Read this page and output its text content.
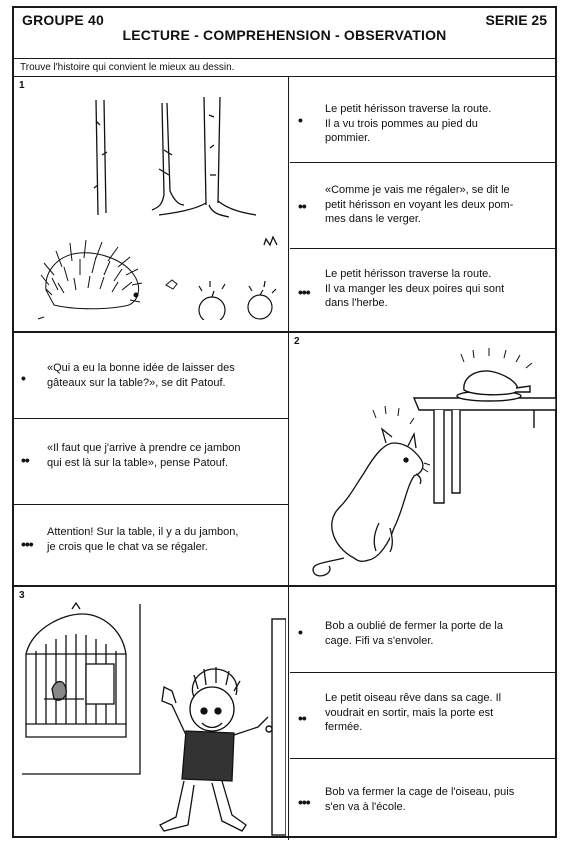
GROUPE 40	SERIE 25
LECTURE - COMPREHENSION - OBSERVATION
Trouve l'histoire qui convient le mieux au dessin.
1
•
Le petit hérisson traverse la route.
Il a vu trois pommes au pied du
pommier.
••
«Comme je vais me régaler», se dit le
petit hérisson en voyant les deux pom-
mes dans le verger.
•••
Le petit hérisson traverse la route.
Il va manger les deux poires qui sont
dans l'herbe.
•
«Qui a eu la bonne idée de laisser des
gâteaux sur la table?», se dit Patouf.
••
«Il faut que j'arrive à prendre ce jambon
qui est là sur la table», pense Patouf.
•••
Attention! Sur la table, il y a du jambon,
je crois que le chat va se régaler.
2
3
• Bob a oublié de fermer la porte de la
cage. Fifi va s'envoler.
••
Le petit oiseau rêve dans sa cage. Il
voudrait en sortir, mais la porte est
fermée.
•••
Bob va fermer la cage de l'oiseau, puis
s'en va à l'école.
